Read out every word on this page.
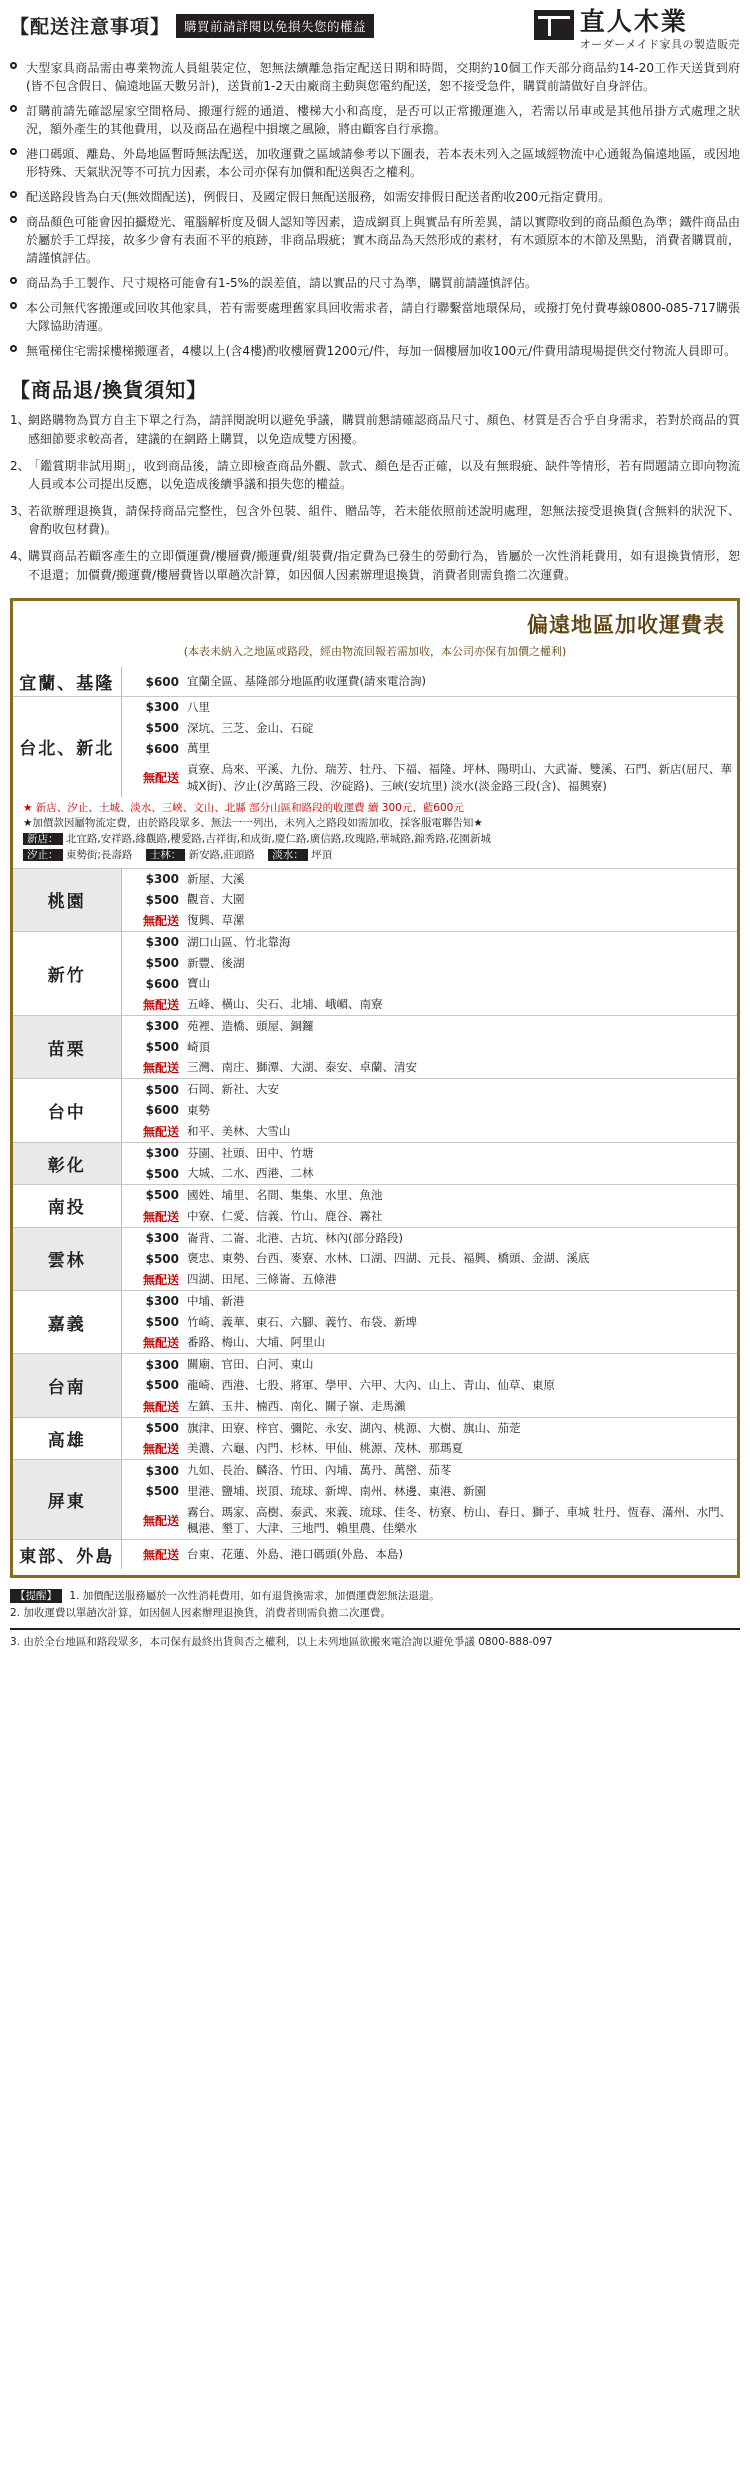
【配送注意事項】	購買前請詳閱以免損失您的權益	直人木業
オーダーメイド家具の製造販売
大型家具商品需由專業物流人員組裝定位，恕無法續離急指定配送日期和時間，交期約10個工作天部分商品約14-20工作天送貨到府(皆不包含假日、偏遠地區天數另計)，送貨前1-2天由廠商主動與您電約配送，恕不接受急件，購買前請做好自身評估。
訂購前請先確認屋家空間格局、搬運行經的通道、樓梯大小和高度，是否可以正常搬運進入，若需以吊車或是其他吊掛方式處理之狀況，額外產生的其他費用，以及商品在過程中損壞之風險，將由顧客自行承擔。
港口碼頭、離島、外島地區暫時無法配送，加收運費之區域請參考以下圖表，若本表未列入之區域經物流中心通報為偏遠地區，或因地形特殊、天氣狀況等不可抗力因素，本公司亦保有加價和配送與否之權利。
配送路段皆為白天(無效間配送)，例假日、及國定假日無配送服務，如需安排假日配送者酌收200元指定費用。
商品顏色可能會因拍攝燈光、電腦解析度及個人認知等因素，造成網頁上與實品有所差異，請以實際收到的商品顏色為準；鐵件商品由於屬於手工焊接，故多少會有表面不平的痕跡，非商品瑕疵；實木商品為天然形成的素材，有木頭原本的木節及黑點，消費者購買前，請謹慎評估。
商品為手工製作、尺寸規格可能會有1-5%的誤差值，請以實品的尺寸為準，購買前請謹慎評估。
本公司無代客搬運或回收其他家具，若有需要處理舊家具回收需求者，請自行聯繫當地環保局，或撥打免付費專線0800-085-717購張大隊協助清運。
無電梯住宅需採樓梯搬運者，4樓以上(含4樓)酌收樓層費1200元/件，每加一個樓層加收100元/件費用請現場提供交付物流人員即可。
【商品退/換貨須知】
1、
網路購物為買方自主下單之行為，請詳閱說明以避免爭議，購買前懇請確認商品尺寸、顏色、材質是否合乎自身需求，若對於商品的質感細節要求較高者，建議的在網路上購買，以免造成雙方困擾。
2、
「鑑賞期非試用期」，收到商品後，請立即檢查商品外觀、款式、顏色是否正確，以及有無瑕疵、缺件等情形，若有問題請立即向物流人員或本公司提出反應，以免造成後續爭議和損失您的權益。
3、
若欲辦理退換貨，請保持商品完整性，包含外包裝、組件、贈品等，若未能依照前述說明處理，恕無法接受退換貨(含無料的狀況下、會酌收包材費)。
4、
購買商品若顧客產生的立即價運費/樓層費/搬運費/組裝費/指定費為已發生的勞動行為，皆屬於一次性消耗費用，如有退換貨情形，恕不退還；加價費/搬運費/樓層費皆以單趟次計算，如因個人因素辦理退換貨，消費者則需負擔二次運費。
偏遠地區加收運費表
(本表未納入之地區或路段，經由物流回報若需加收，本公司亦保有加價之權利)
宜蘭、基隆	$600	宜蘭全區、基隆部分地區酌收運費(請來電洽詢)
台北、新北	$300	八里
	$500	深坑、三芝、金山、石碇
	$600	萬里
	無配送	貢寮、烏來、平溪、九份、瑞芳、牡丹、下福、福隆、坪林、陽明山、大武崙、雙溪、石門、新店(屈尺、華城X街)、汐止(汐萬路三段、汐碇路)、三峽(安坑里) 淡水(淡金路三段(含)、福興寮)
★ 新店、汐止、土城、淡水、三峽、文山、北縣 部分山區和路段的收運費 續 300元、藍600元
★加價款因屬物流定費，由於路段眾多、無法一一列出，未列入之路段如需加收，採客服電聯告知★
新店： 北宜路,安祥路,緣觀路,櫻愛路,吉祥街,和成街,慶仁路,廣信路,玫瑰路,華城路,錦秀路,花園新城
汐止： 東勢街;長壽路 士林： 新安路,莊頭路 淡水： 坪頂
桃園	$300	新屋、大溪
	$500	觀音、大園
	無配送	復興、草漯
新竹	$300	湖口山區、竹北靠海
	$500	新豐、後湖
	$600	寶山
	無配送	五峰、橫山、尖石、北埔、峨嵋、南寮
苗栗	$300	苑裡、造橋、頭屋、銅鑼
	$500	崎頂
	無配送	三灣、南庄、獅潭、大湖、泰安、卓蘭、清安
台中	$500	石岡、新社、大安
	$600	東勢
	無配送	和平、美林、大雪山
彰化	$300	芬園、社頭、田中、竹塘
	$500	大城、二水、西港、二林
南投	$500	國姓、埔里、名間、集集、水里、魚池
	無配送	中寮、仁愛、信義、竹山、鹿谷、霧社
雲林	$300	崙背、二崙、北港、古坑、林內(部分路段)
	$500	褒忠、東勢、台西、麥寮、水林、口湖、四湖、元長、褔興、橋頭、金湖、溪底
	無配送	四湖、田尾、三條崙、五條港
嘉義	$300	中埔、新港
	$500	竹崎、義華、東石、六腳、義竹、布袋、新埤
	無配送	番路、梅山、大埔、阿里山
台南	$300	關廟、官田、白河、東山
	$500	龍崎、西港、七股、將軍、學甲、六甲、大內、山上、青山、仙草、東原
	無配送	左鎮、玉井、楠西、南化、關子嶺、走馬瀨
高雄	$500	旗津、田寮、梓官、彌陀、永安、湖內、桃源、大樹、旗山、茄萣
	無配送	美濃、六龜、內門、杉林、甲仙、桃源、茂林、那瑪夏
屏東	$300	九如、長治、麟洛、竹田、內埔、萬丹、萬巒、茄苳
	$500	里港、鹽埔、崁頂、琉球、新埤、南州、林邊、東港、新園
	無配送	霧台、瑪家、高樹、泰武、來義、琉球、佳冬、枋寮、枋山、春日、獅子、車城 牡丹、恆春、滿州、水門、楓港、墾丁、大津、三地門、賴里農、佳樂水
東部、外島	無配送	台東、花蓮、外島、港口碼頭(外島、本島)
【提醒】 1. 加價配送服務屬於一次性消耗費用，如有退貨換需求，加價運費恕無法退還。
2. 加收運費以單趟次計算，如因個人因素辦理退換貨，消費者則需負擔二次運費。
3. 由於全台地區和路段眾多，本司保有最終出貨與否之權利，以上未列地區欲搬來電洽詢以避免爭議 0800-888-097
